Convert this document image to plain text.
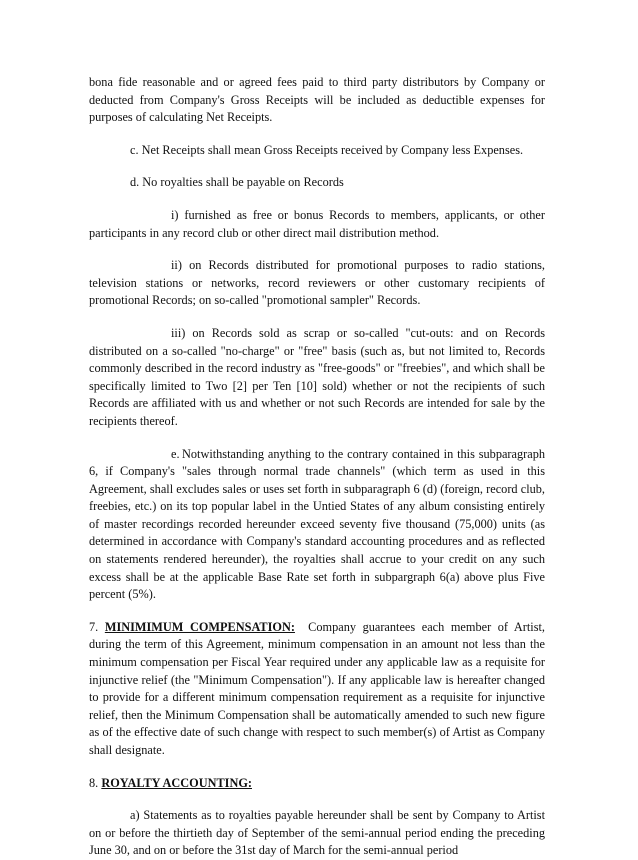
bona fide reasonable and or agreed fees paid to third party distributors by Company or deducted from Company's Gross Receipts will be included as deductible expenses for purposes of calculating Net Receipts.

c. Net Receipts shall mean Gross Receipts received by Company less Expenses.

d. No royalties shall be payable on Records

i) furnished as free or bonus Records to members, applicants, or other participants in any record club or other direct mail distribution method.

ii) on Records distributed for promotional purposes to radio stations, television stations or networks, record reviewers or other customary recipients of promotional Records; on so-called "promotional sampler" Records.

iii) on Records sold as scrap or so-called "cut-outs: and on Records distributed on a so-called "no-charge" or "free" basis (such as, but not limited to, Records commonly described in the record industry as "free-goods" or "freebies", and which shall be specifically limited to Two [2] per Ten [10] sold) whether or not the recipients of such Records are affiliated with us and whether or not such Records are intended for sale by the recipients thereof.

e. Notwithstanding anything to the contrary contained in this subparagraph 6, if Company's "sales through normal trade channels" (which term as used in this Agreement, shall excludes sales or uses set forth in subparagraph 6 (d) (foreign, record club, freebies, etc.) on its top popular label in the Untied States of any album consisting entirely of master recordings recorded hereunder exceed seventy five thousand (75,000) units (as determined in accordance with Company's standard accounting procedures and as reflected on statements rendered hereunder), the royalties shall accrue to your credit on any such excess shall be at the applicable Base Rate set forth in subpargraph 6(a) above plus Five percent (5%).

7. MINIMIMUM COMPENSATION: Company guarantees each member of Artist, during the term of this Agreement, minimum compensation in an amount not less than the minimum compensation per Fiscal Year required under any applicable law as a requisite for injunctive relief (the "Minimum Compensation"). If any applicable law is hereafter changed to provide for a different minimum compensation requirement as a requisite for injunctive relief, then the Minimum Compensation shall be automatically amended to such new figure as of the effective date of such change with respect to such member(s) of Artist as Company shall designate.

8. ROYALTY ACCOUNTING:

a) Statements as to royalties payable hereunder shall be sent by Company to Artist on or before the thirtieth day of September of the semi-annual period ending the preceding June 30, and on or before the 31st day of March for the semi-annual period
